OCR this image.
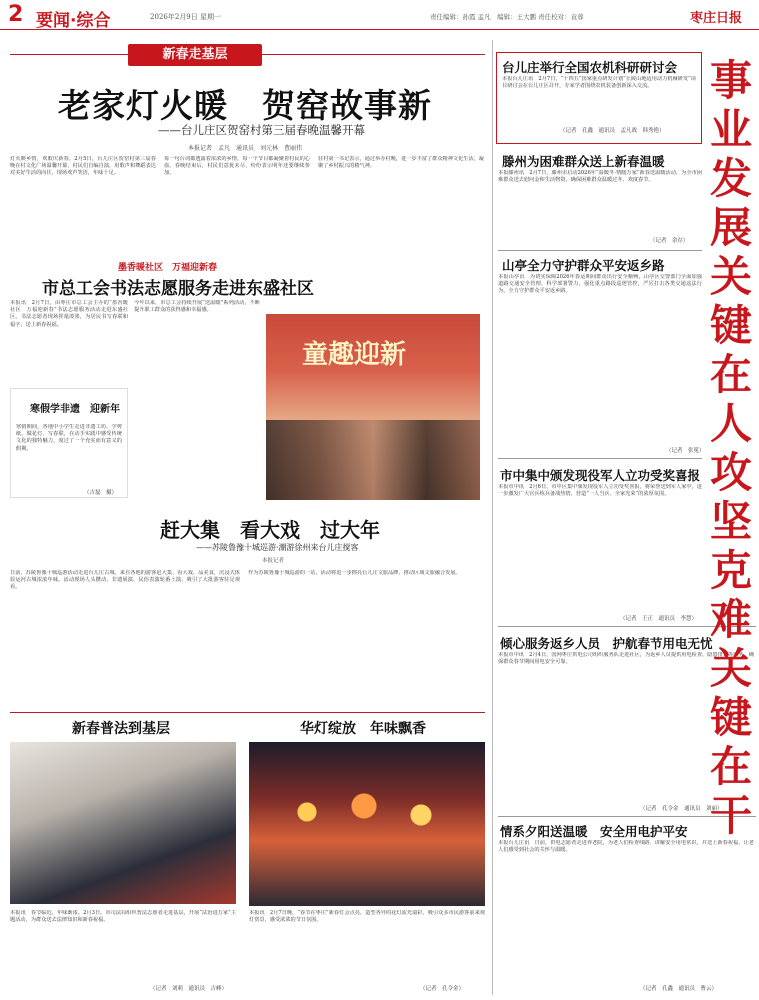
2 要闻·综合	2026年2月9日 星期一	责任编辑：孙霞 孟凡　编辑：王大鹏 责任校对：袁蓉	枣庄日报
新春走基层
老家灯火暖　贺窑故事新
——台儿庄区贺窑村第三届春晚温馨开幕
本报记者　孟凡　通讯员　刘元林　曹丽伟
灯火映乡情，欢歌庆新春。2月5日，台儿庄区贺窑村第三届春晚在村文化广场温馨开幕，村民们自编自演，用歌声和舞蹈表达对美好生活的向往，现场欢声笑语，年味十足。
每一句台词都透露着浓浓的乡情，每一个节目都凝聚着村民的心血。春晚结束后，村民们意犹未尽，纷纷表示明年还要继续参加。
驻村第一书记表示，通过举办村晚，进一步丰富了群众精神文化生活，凝聚了乡村振兴的精气神。
墨香暖社区　万福迎新春
市总工会书法志愿服务走进东盛社区
本报讯　2月7日，由枣庄市总工会主办的“墨香暖社区　万福迎新春”书法志愿服务活动走进东盛社区。书法志愿者现场挥毫泼墨，为居民书写春联和福字，送上新春祝福。
今年以来，市总工会持续开展“送温暖”系列活动，不断提升职工群众的获得感和幸福感。
寒假学非遗　迎新年
寒假期间，各地中小学生走进非遗工坊，学剪纸、做花灯、写春联，在动手实践中感受传统文化的独特魅力，度过了一个充实而有意义的假期。
（吉磊　摄）
童趣迎新
赶大集　看大戏　过大年
——苏陵鲁豫十城巡游·潮游徐州来台儿庄搅客
本报记者
日前，苏陵鲁豫十城巡游活动走进台儿庄古城，来自各地的游客赶大集、看大戏、品美食，沉浸式体验运河古城浓浓年味。活动现场人头攒动，非遗展演、民俗表演轮番上演，吸引了大批游客驻足观看。
作为苏陵鲁豫十城巡游的一站，活动将进一步擦亮台儿庄文旅品牌，推动区域文旅融合发展。
新春普法到基层
本报讯　春节临近，年味渐浓。2月3日，市司法局组织普法志愿者走进基层，开展“法治进万家”主题活动，为群众送去法律知识和新春祝福。
（记者　刘莉　通讯员　吉峰）
华灯绽放　年味飘香
本报讯　2月7日晚，“春节在枣庄”新春灯会点亮，造型各异的花灯流光溢彩，吸引众多市民游客前来观灯赏景，感受浓浓的节日氛围。
（记者　孔令金）
台儿庄举行全国农机科研研讨会
本报台儿庄讯　2月7日，“十四五”国家重点研发计划“丘陵山地适用动力机械研发”项目研讨会在台儿庄区召开，专家学者围绕农机装备创新深入交流。
（记者　孔鑫　通讯员　孟凡战　韩秀艳）
滕州为困难群众送上新春温暖
本报滕州讯　2月7日，滕州市启动2026年“温暖冬·情暖万家”新春送温暖活动，为全市困难群众送去慰问金和生活物资，确保困难群众温暖过冬、欢度春节。
（记者　余存）
山亭全力守护群众平安返乡路
本报山亭讯　为切实保障2026年春运期间群众出行安全顺畅，山亭区交警部门全面加强道路交通安全管理，科学部署警力，强化重点路段巡逻管控，严厉打击各类交通违法行为，全力守护群众平安返乡路。
（记者　张冕）
市中集中颁发现役军人立功受奖喜报
本报市中讯　2月6日，市中区集中颁发现役军人立功受奖喜报，将荣誉送到军人家中，进一步激发广大官兵练兵备战热情，营造“一人当兵、全家光荣”的浓厚氛围。
（记者　王正　通讯员　李慧）
倾心服务返乡人员　护航春节用电无忧
本报市中讯　2月4日，国网枣庄供电公司组织服务队走进社区，为返乡人员提供用电检查、隐患排查等服务，确保群众春节期间用电安全可靠。
（记者　孔令金　通讯员　刘丽）
情系夕阳送温暖　安全用电护平安
本报台儿庄讯　日前，供电志愿者走进养老院，为老人们检查线路、讲解安全用电常识，并送上新春祝福，让老人们感受到社会的关怀与温暖。
（记者　孔鑫　通讯员　曹云）
事
业
发
展
关
键
在
人
攻
坚
克
难
关
键
在
干
